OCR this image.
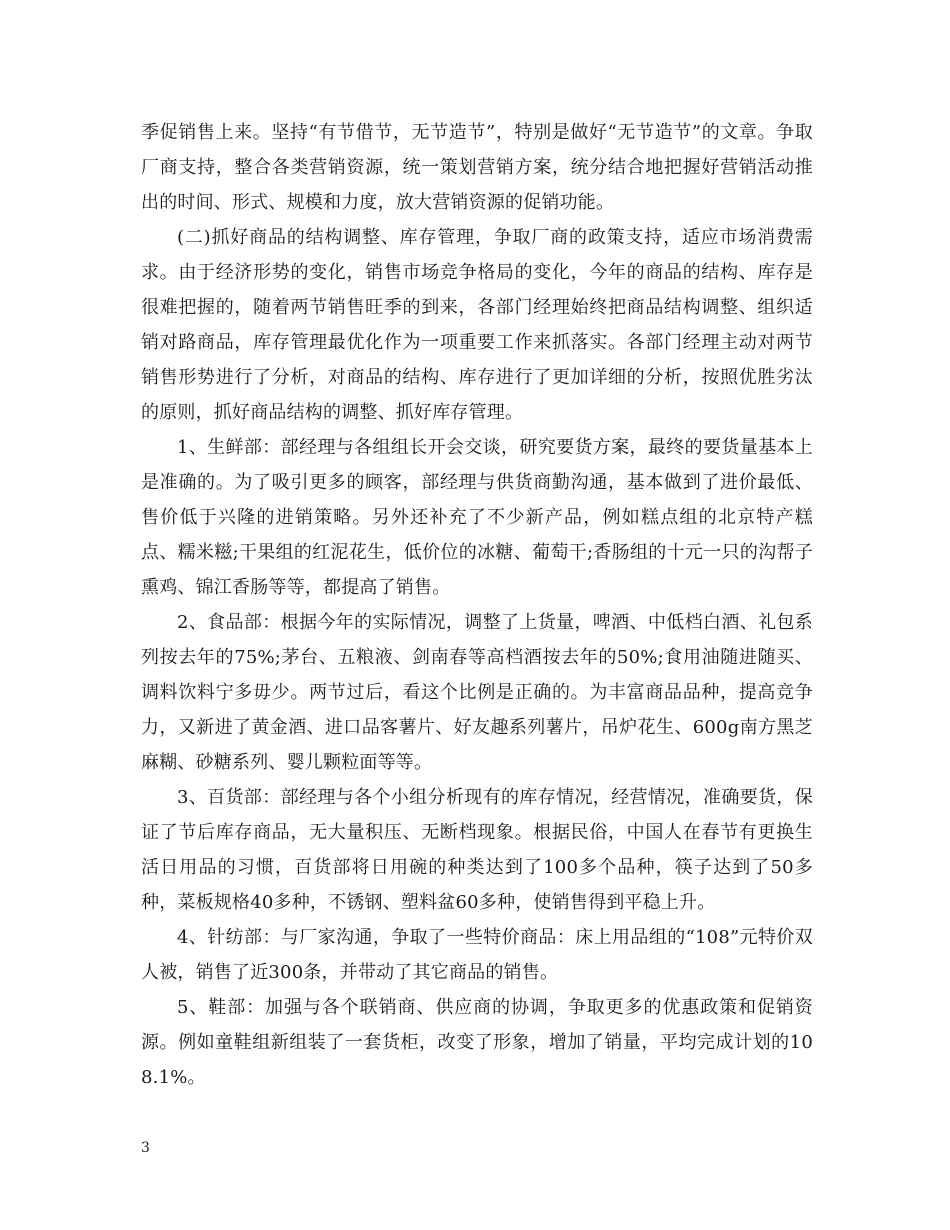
季促销售上来。坚持“有节借节，无节造节”，特别是做好“无节造节”的文章。争取厂商支持，整合各类营销资源，统一策划营销方案，统分结合地把握好营销活动推出的时间、形式、规模和力度，放大营销资源的促销功能。

(二)抓好商品的结构调整、库存管理，争取厂商的政策支持，适应市场消费需求。由于经济形势的变化，销售市场竞争格局的变化，今年的商品的结构、库存是很难把握的，随着两节销售旺季的到来，各部门经理始终把商品结构调整、组织适销对路商品，库存管理最优化作为一项重要工作来抓落实。各部门经理主动对两节销售形势进行了分析，对商品的结构、库存进行了更加详细的分析，按照优胜劣汰的原则，抓好商品结构的调整、抓好库存管理。

1、生鲜部：部经理与各组组长开会交谈，研究要货方案，最终的要货量基本上是准确的。为了吸引更多的顾客，部经理与供货商勤沟通，基本做到了进价最低、售价低于兴隆的进销策略。另外还补充了不少新产品，例如糕点组的北京特产糕点、糯米糍;干果组的红泥花生，低价位的冰糖、葡萄干;香肠组的十元一只的沟帮子熏鸡、锦江香肠等等，都提高了销售。

2、食品部：根据今年的实际情况，调整了上货量，啤酒、中低档白酒、礼包系列按去年的75%;茅台、五粮液、剑南春等高档酒按去年的50%;食用油随进随买、调料饮料宁多毋少。两节过后，看这个比例是正确的。为丰富商品品种，提高竞争力，又新进了黄金酒、进口品客薯片、好友趣系列薯片，吊炉花生、600g南方黑芝麻糊、砂糖系列、婴儿颗粒面等等。

3、百货部：部经理与各个小组分析现有的库存情况，经营情况，准确要货，保证了节后库存商品，无大量积压、无断档现象。根据民俗，中国人在春节有更换生活日用品的习惯，百货部将日用碗的种类达到了100多个品种，筷子达到了50多种，菜板规格40多种，不锈钢、塑料盆60多种，使销售得到平稳上升。

4、针纺部：与厂家沟通，争取了一些特价商品：床上用品组的“108”元特价双人被，销售了近300条，并带动了其它商品的销售。

5、鞋部：加强与各个联销商、供应商的协调，争取更多的优惠政策和促销资源。例如童鞋组新组装了一套货柜，改变了形象，增加了销量，平均完成计划的108.1%。

3
